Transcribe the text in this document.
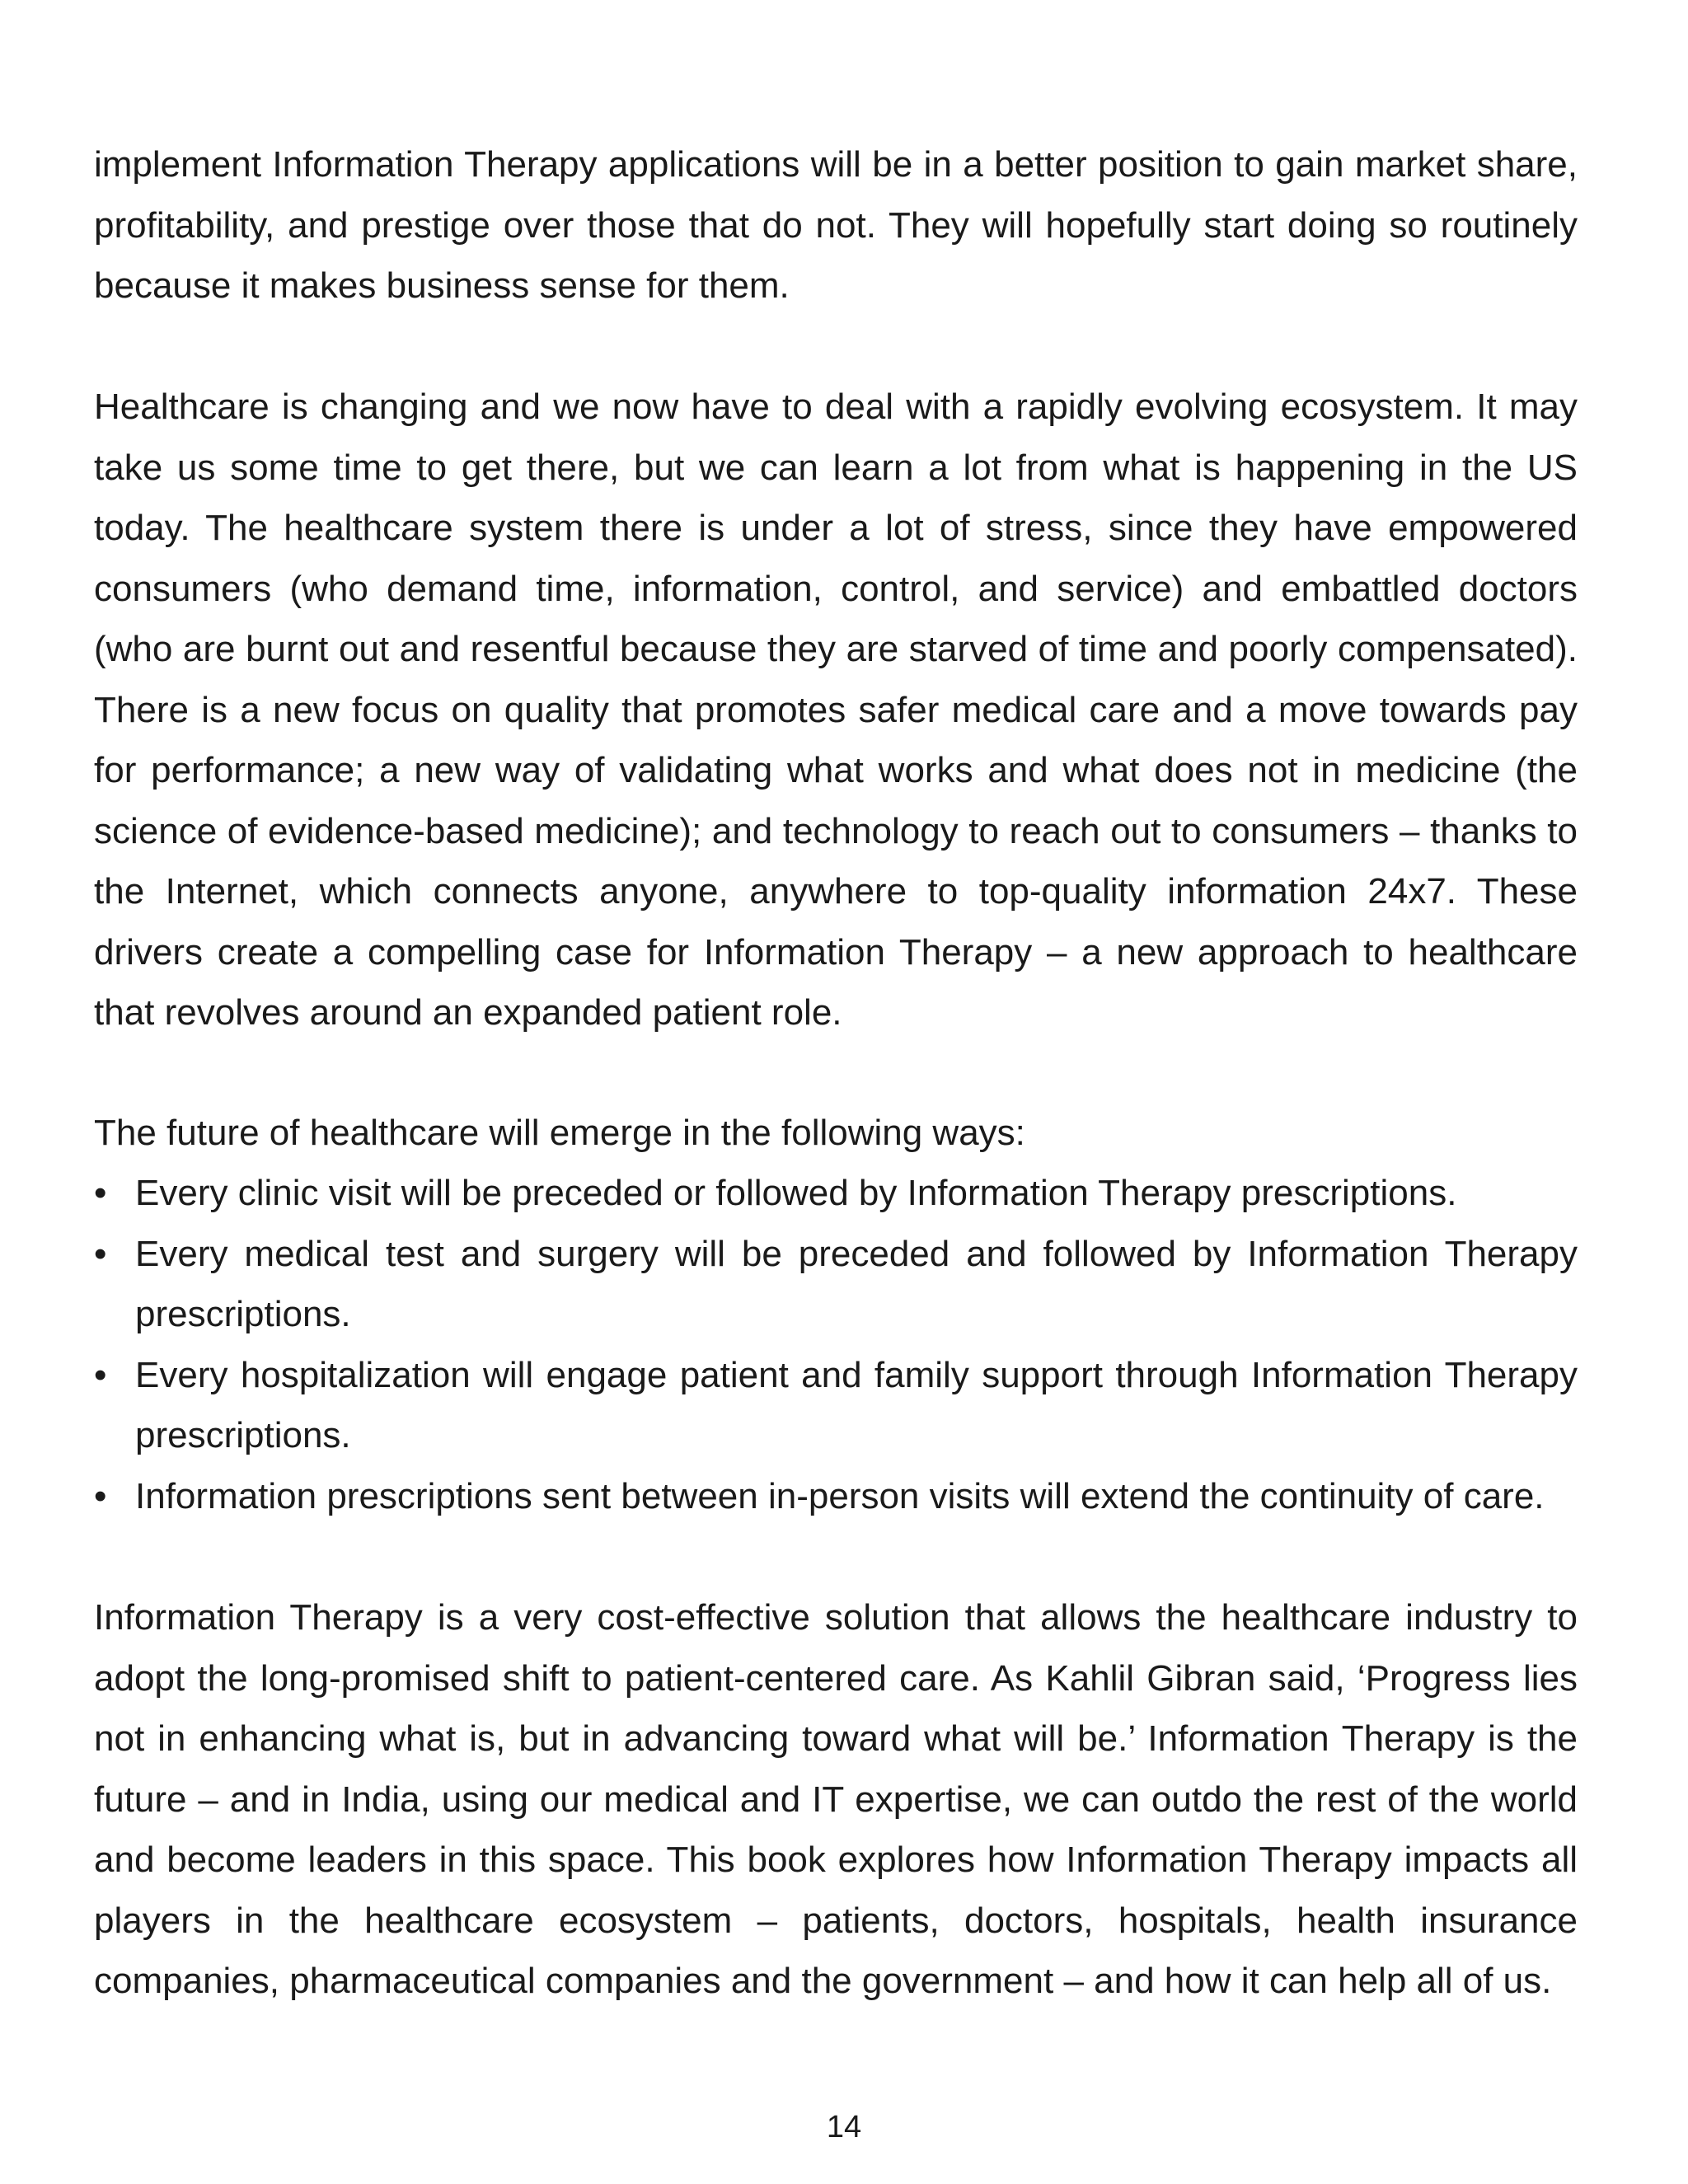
implement Information Therapy applications will be in a better position to gain market share, profitability, and prestige over those that do not. They will hopefully start doing so routinely because it makes business sense for them.

Healthcare is changing and we now have to deal with a rapidly evolving ecosystem. It may take us some time to get there, but we can learn a lot from what is happening in the US today. The healthcare system there is under a lot of stress, since they have empowered consumers (who demand time, information, control, and service) and embattled doctors (who are burnt out and resentful because they are starved of time and poorly compensated). There is a new focus on quality that promotes safer medical care and a move towards pay for performance; a new way of validating what works and what does not in medicine (the science of evidence-based medicine); and technology to reach out to consumers – thanks to the Internet, which connects anyone, anywhere to top-quality information 24x7. These drivers create a compelling case for Information Therapy – a new approach to healthcare that revolves around an expanded patient role.

The future of healthcare will emerge in the following ways:

• Every clinic visit will be preceded or followed by Information Therapy prescriptions.
• Every medical test and surgery will be preceded and followed by Information Therapy prescriptions.
• Every hospitalization will engage patient and family support through Information Therapy prescriptions.
• Information prescriptions sent between in-person visits will extend the continuity of care.

Information Therapy is a very cost-effective solution that allows the healthcare industry to adopt the long-promised shift to patient-centered care. As Kahlil Gibran said, ‘Progress lies not in enhancing what is, but in advancing toward what will be.’ Information Therapy is the future – and in India, using our medical and IT expertise, we can outdo the rest of the world and become leaders in this space. This book explores how Information Therapy impacts all players in the healthcare ecosystem – patients, doctors, hospitals, health insurance companies, pharmaceutical companies and the government – and how it can help all of us.

14
